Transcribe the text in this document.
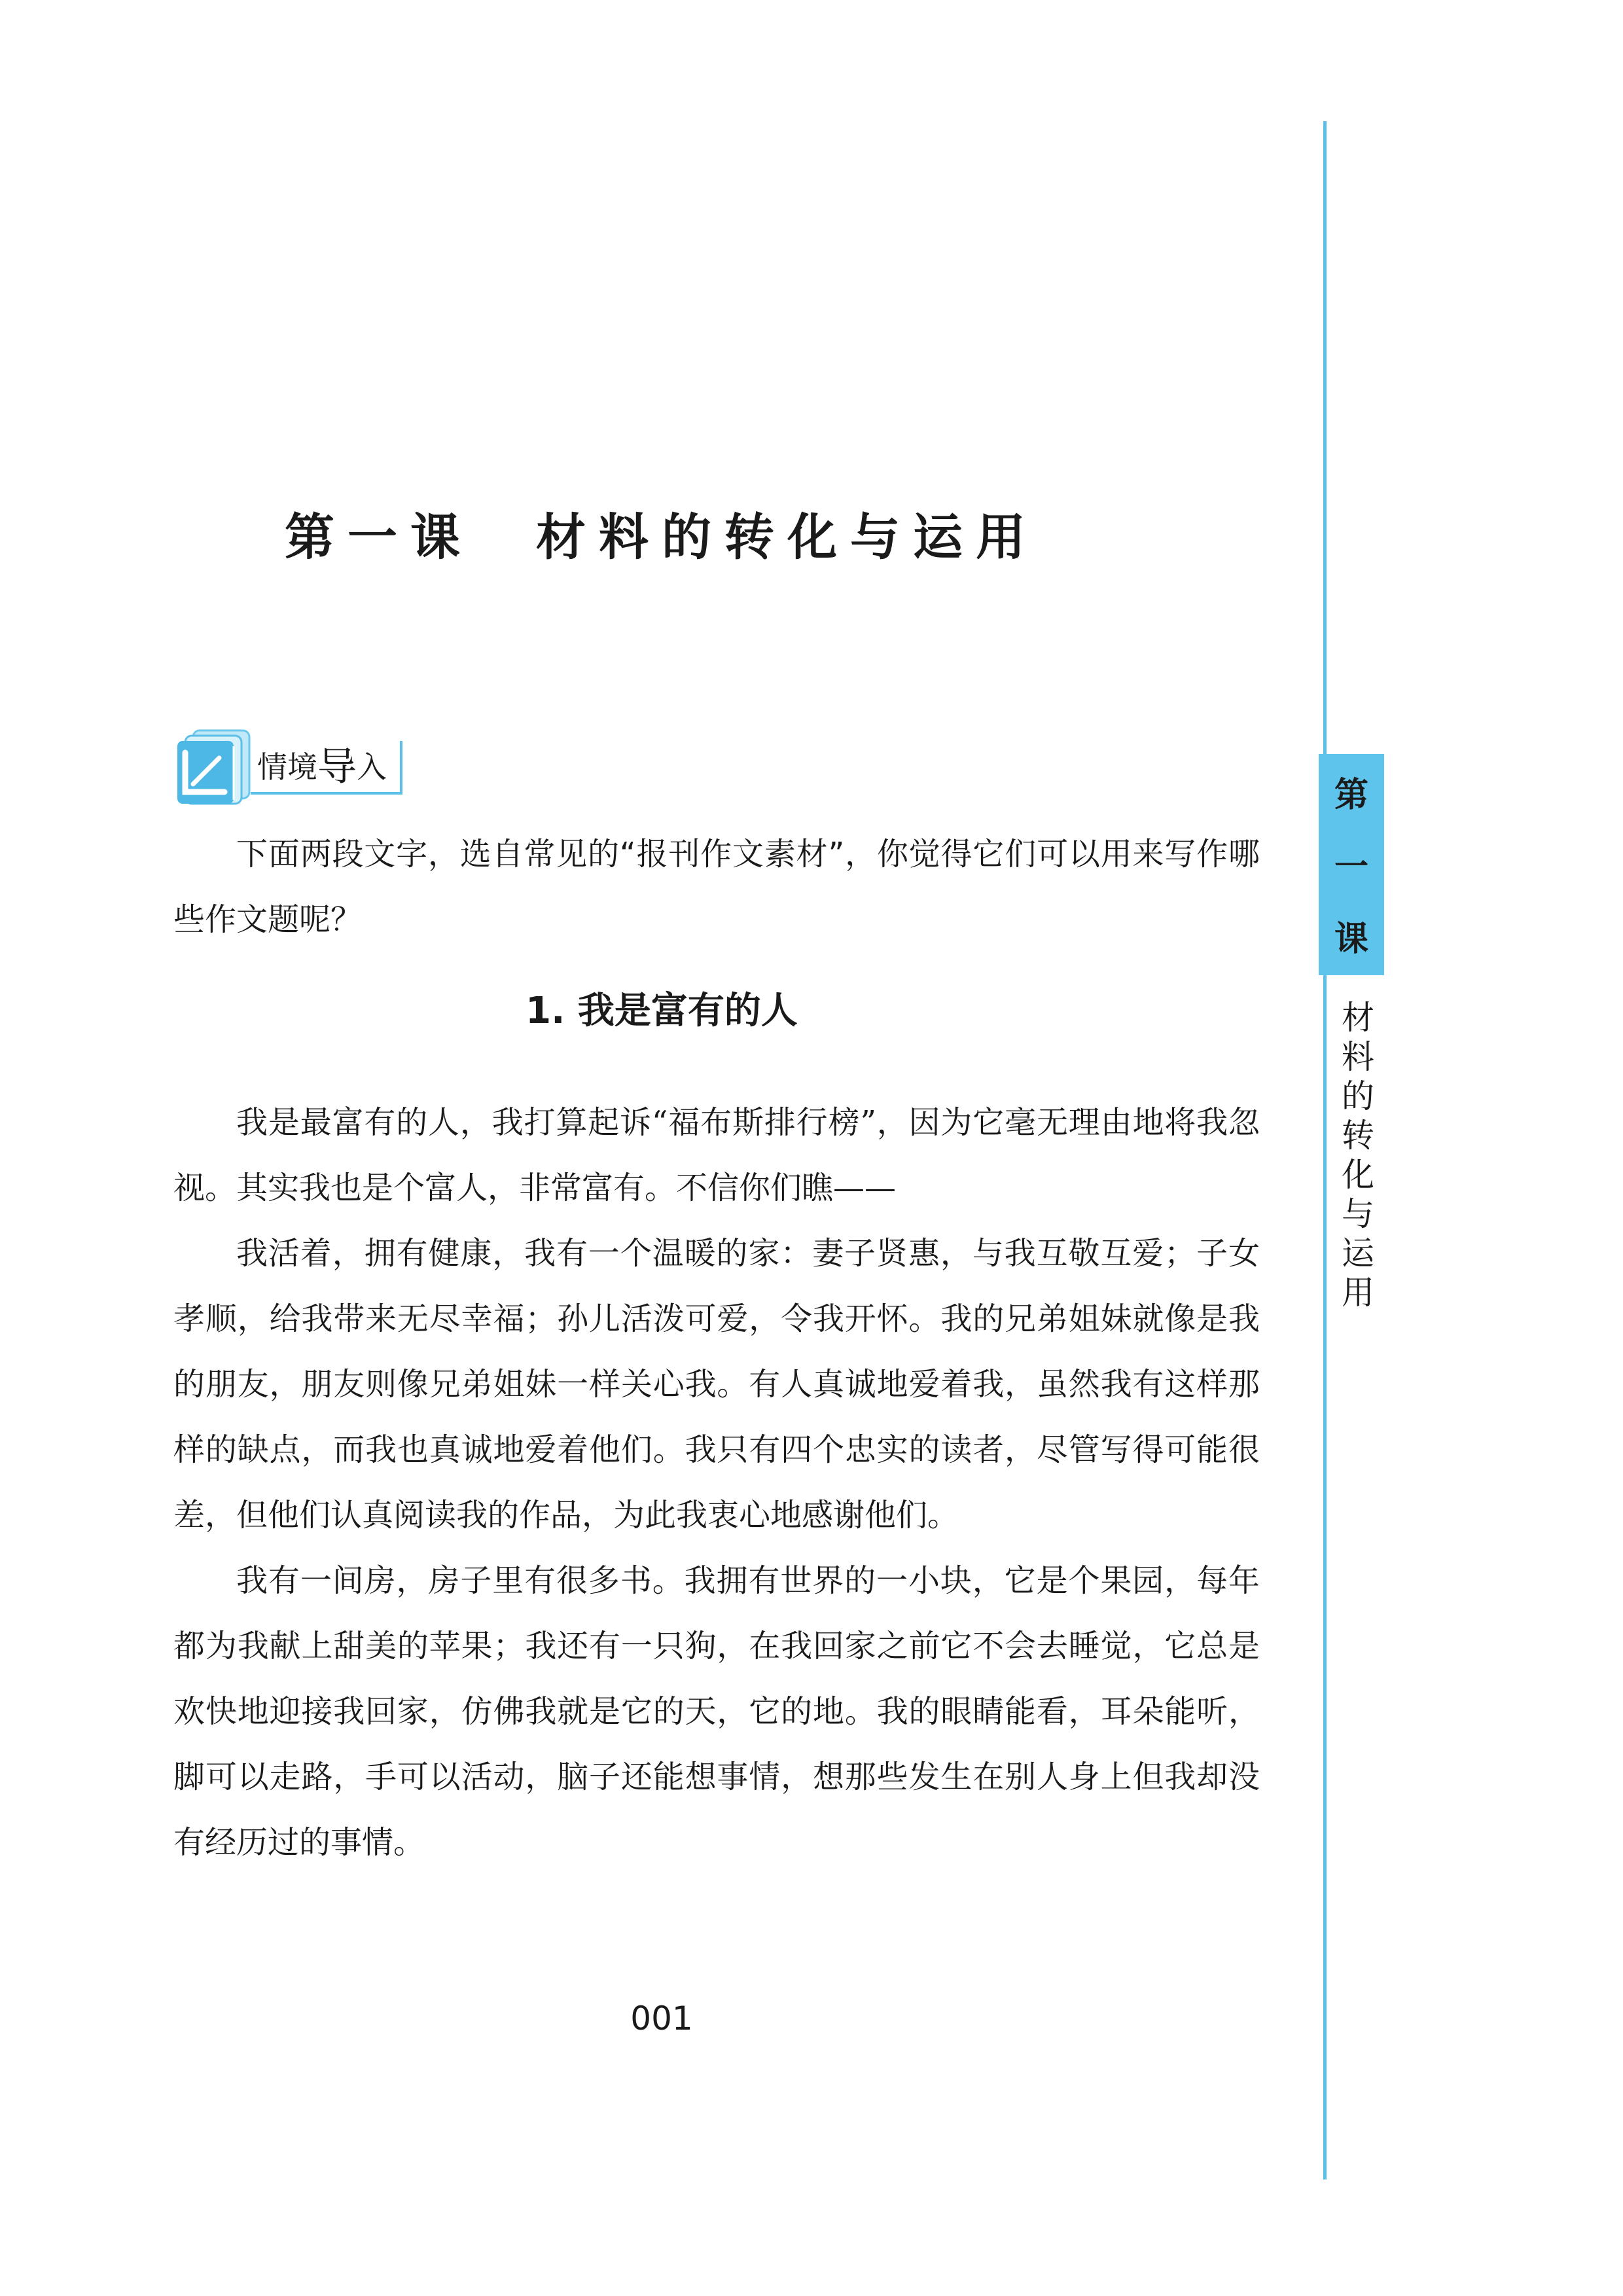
第
一
课
材
料
的
转
化
与
运
用
第一课　材料的转化与运用
情境 导 入

下面两段文字，选自常见的“报刊作文素材”，你觉得它们可以用来写作哪些作文题呢？

1. 我是富有的人

我是最富有的人，我打算起诉“福布斯排行榜”，因为它毫无理由地将我忽视。其实我也是个富人，非常富有。不信你们瞧——

我活着，拥有健康，我有一个温暖的家：妻子贤惠，与我互敬互爱；子女孝顺，给我带来无尽幸福；孙儿活泼可爱，令我开怀。我的兄弟姐妹就像是我的朋友，朋友则像兄弟姐妹一样关心我。有人真诚地爱着我，虽然我有这样那样的缺点，而我也真诚地爱着他们。我只有四个忠实的读者，尽管写得可能很差，但他们认真阅读我的作品，为此我衷心地感谢他们。

我有一间房，房子里有很多书。我拥有世界的一小块，它是个果园，每年都为我献上甜美的苹果；我还有一只狗，在我回家之前它不会去睡觉，它总是欢快地迎接我回家，仿佛我就是它的天，它的地。我的眼睛能看，耳朵能听，脚可以走路，手可以活动，脑子还能想事情，想那些发生在别人身上但我却没有经历过的事情。

001
